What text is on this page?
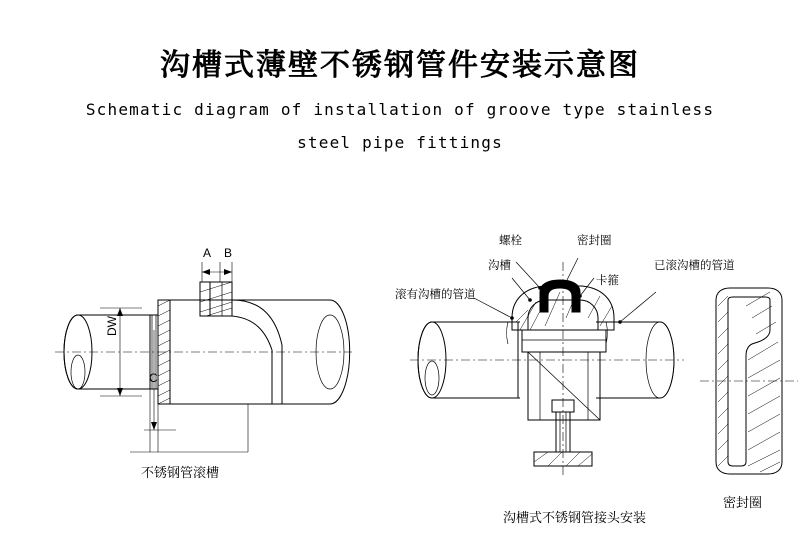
沟槽式薄壁不锈钢管件安装示意图
Schematic diagram of installation of groove type stainless
steel pipe fittings
DW
C
A B
不锈钢管滚槽
螺栓	密封圈
沟槽
卡箍
滚有沟槽的管道
已滚沟槽的管道
沟槽式不锈钢管接头安装
密封圈
